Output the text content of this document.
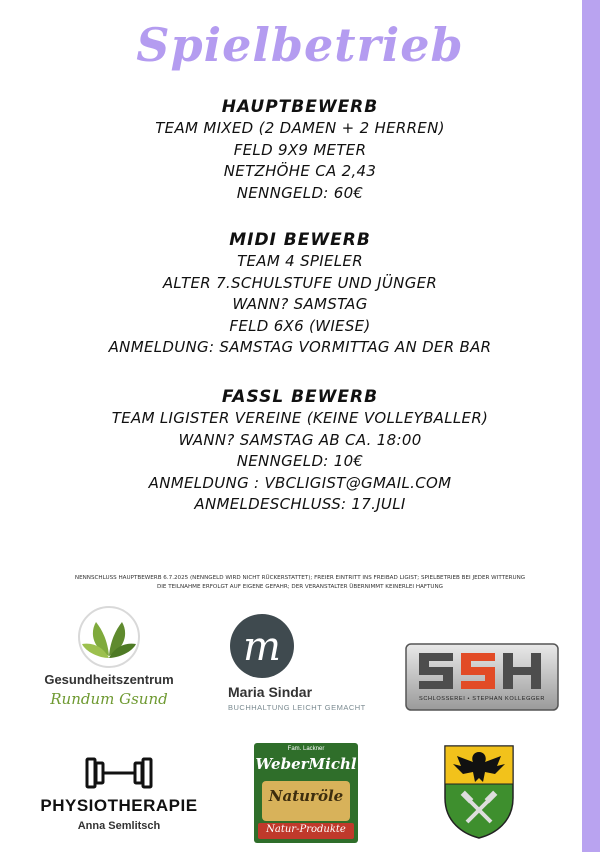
Spielbetrieb
HAUPTBEWERB
TEAM MIXED (2 DAMEN + 2 HERREN)
FELD 9X9 METER
NETZHÖHE CA 2,43
NENNGELD: 60€
MIDI BEWERB
TEAM 4 SPIELER
ALTER 7.SCHULSTUFE UND JÜNGER
WANN? SAMSTAG
FELD 6X6 (WIESE)
ANMELDUNG: SAMSTAG VORMITTAG AN DER BAR
FASSL BEWERB
TEAM LIGISTER VEREINE (KEINE VOLLEYBALLER)
WANN? SAMSTAG AB CA. 18:00
NENNGELD: 10€
ANMELDUNG : VBCLIGIST@GMAIL.COM
ANMELDESCHLUSS: 17.JULI
NENNSCHLUSS HAUPTBEWERB 6.7.2025 (NENNGELD WIRD NICHT RÜCKERSTATTET); FREIER EINTRITT INS FREIBAD LIGIST; SPIELBETRIEB BEI JEDER WITTERUNG
DIE TEILNAHME ERFOLGT AUF EIGENE GEFAHR; DER VERANSTALTER ÜBERNIMMT KEINERLEI HAFTUNG
Gesundheitszentrum
Rundum Gsund
m
Maria Sindar
BUCHHALTUNG LEICHT GEMACHT
SCHLOSSEREI • STEPHAN KOLLEGGER
PHYSIOTHERAPIE
Anna Semlitsch
Fam. Lackner
WeberMichl
Naturöle
Natur-Produkte
